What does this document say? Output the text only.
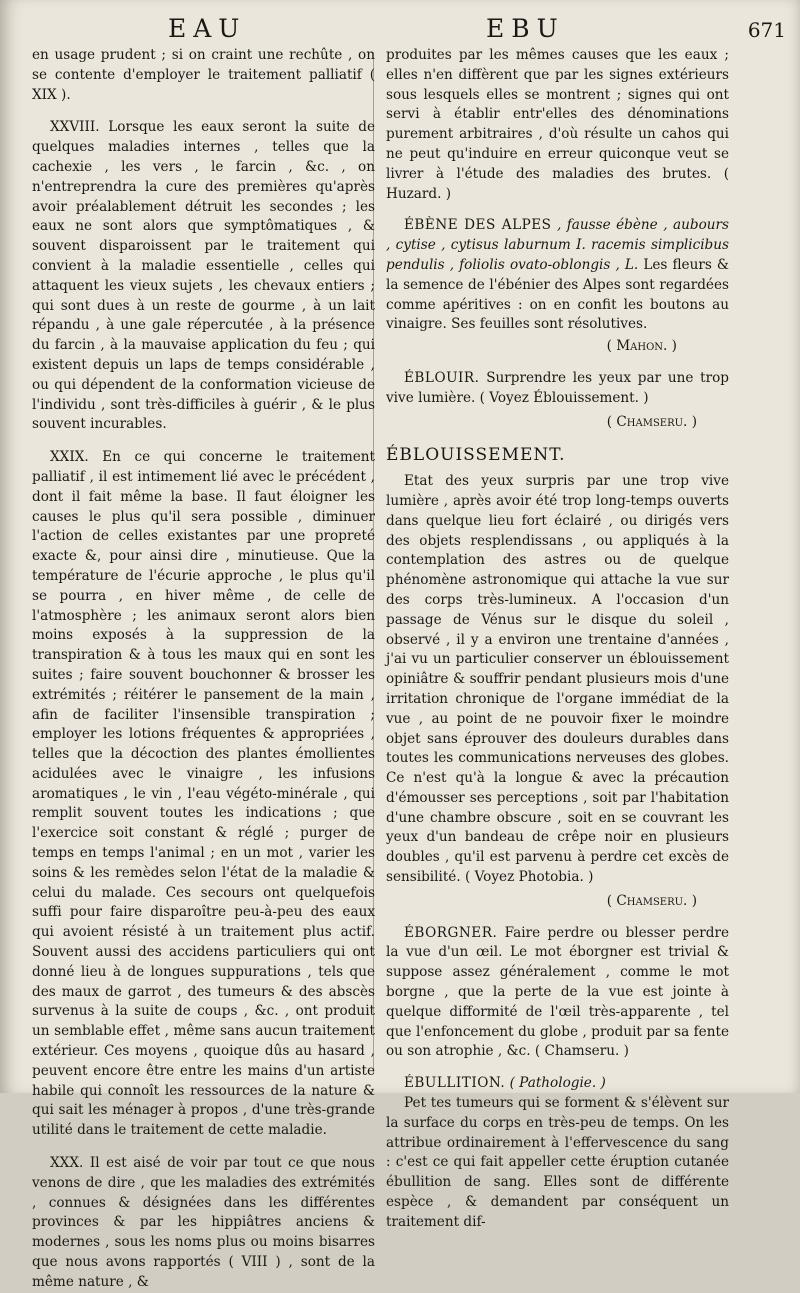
EAU	EBU	671

en usage prudent ; si on craint une rechûte , on se contente d'employer le traitement palliatif ( XIX ).

XXVIII. Lorsque les eaux seront la suite de quelques maladies internes , telles que la cachexie , les vers , le farcin , &c. , on n'entreprendra la cure des premières qu'après avoir préalablement détruit les secondes ; les eaux ne sont alors que symptômatiques , & souvent disparoissent par le traitement qui convient à la maladie essentielle , celles qui attaquent les vieux sujets , les chevaux entiers ; qui sont dues à un reste de gourme , à un lait répandu , à une gale répercutée , à la présence du farcin , à la mauvaise application du feu ; qui existent depuis un laps de temps considérable , ou qui dépendent de la conformation vicieuse de l'individu , sont très-difficiles à guérir , & le plus souvent incurables.

XXIX. En ce qui concerne le traitement palliatif , il est intimement lié avec le précédent , dont il fait même la base. Il faut éloigner les causes le plus qu'il sera possible , diminuer l'action de celles existantes par une propreté exacte &, pour ainsi dire , minutieuse. Que la température de l'écurie approche , le plus qu'il se pourra , en hiver même , de celle de l'atmosphère ; les animaux seront alors bien moins exposés à la suppression de la transpiration & à tous les maux qui en sont les suites ; faire souvent bouchonner & brosser les extrémités ; réitérer le pansement de la main , afin de faciliter l'insensible transpiration ; employer les lotions fréquentes & appropriées , telles que la décoction des plantes émollientes acidulées avec le vinaigre , les infusions aromatiques , le vin , l'eau végéto-minérale , qui remplit souvent toutes les indications ; que l'exercice soit constant & réglé ; purger de temps en temps l'animal ; en un mot , varier les soins & les remèdes selon l'état de la maladie & celui du malade. Ces secours ont quelquefois suffi pour faire disparoître peu-à-peu des eaux qui avoient résisté à un traitement plus actif. Souvent aussi des accidens particuliers qui ont donné lieu à de longues suppurations , tels que des maux de garrot , des tumeurs & des abscès survenus à la suite de coups , &c. , ont produit un semblable effet , même sans aucun traitement extérieur. Ces moyens , quoique dûs au hasard , peuvent encore être entre les mains d'un artiste habile qui connoît les ressources de la nature & qui sait les ménager à propos , d'une très-grande utilité dans le traitement de cette maladie.

XXX. Il est aisé de voir par tout ce que nous venons de dire , que les maladies des extrémités , connues & désignées dans les différentes provinces & par les hippiâtres anciens & modernes , sous les noms plus ou moins bisarres que nous avons rapportés ( VIII ) , sont de la même nature , &

produites par les mêmes causes que les eaux ; elles n'en diffèrent que par les signes extérieurs sous lesquels elles se montrent ; signes qui ont servi à établir entr'elles des dénominations purement arbitraires , d'où résulte un cahos qui ne peut qu'induire en erreur quiconque veut se livrer à l'étude des maladies des brutes. ( Huzard. )

ÉBÈNE DES ALPES , fausse ébène , aubours , cytise , cytisus laburnum I. racemis simplicibus pendulis , foliolis ovato-oblongis , L. Les fleurs & la semence de l'ébénier des Alpes sont regardées comme apéritives : on en confit les boutons au vinaigre. Ses feuilles sont résolutives.
( Mahon. )
ÉBLOUIR. Surprendre les yeux par une trop vive lumière. ( Voyez Éblouissement. )
( Chamseru. )
ÉBLOUISSEMENT.

Etat des yeux surpris par une trop vive lumière , après avoir été trop long-temps ouverts dans quelque lieu fort éclairé , ou dirigés vers des objets resplendissans , ou appliqués à la contemplation des astres ou de quelque phénomène astronomique qui attache la vue sur des corps très-lumineux. A l'occasion d'un passage de Vénus sur le disque du soleil , observé , il y a environ une trentaine d'années , j'ai vu un particulier conserver un éblouissement opiniâtre & souffrir pendant plusieurs mois d'une irritation chronique de l'organe immédiat de la vue , au point de ne pouvoir fixer le moindre objet sans éprouver des douleurs durables dans toutes les communications nerveuses des globes. Ce n'est qu'à la longue & avec la précaution d'émousser ses perceptions , soit par l'habitation d'une chambre obscure , soit en se couvrant les yeux d'un bandeau de crêpe noir en plusieurs doubles , qu'il est parvenu à perdre cet excès de sensibilité. ( Voyez Photobia. )

( Chamseru. )
ÉBORGNER. Faire perdre ou blesser perdre la vue d'un œil. Le mot éborgner est trivial & suppose assez généralement , comme le mot borgne , que la perte de la vue est jointe à quelque difformité de l'œil très-apparente , tel que l'enfoncement du globe , produit par sa fente ou son atrophie , &c. ( Chamseru. )
ÉBULLITION. ( Pathologie. )

Pet tes tumeurs qui se forment & s'élèvent sur la surface du corps en très-peu de temps. On les attribue ordinairement à l'effervescence du sang : c'est ce qui fait appeller cette éruption cutanée ébullition de sang. Elles sont de différente espèce , & demandent par conséquent un traitement dif-
